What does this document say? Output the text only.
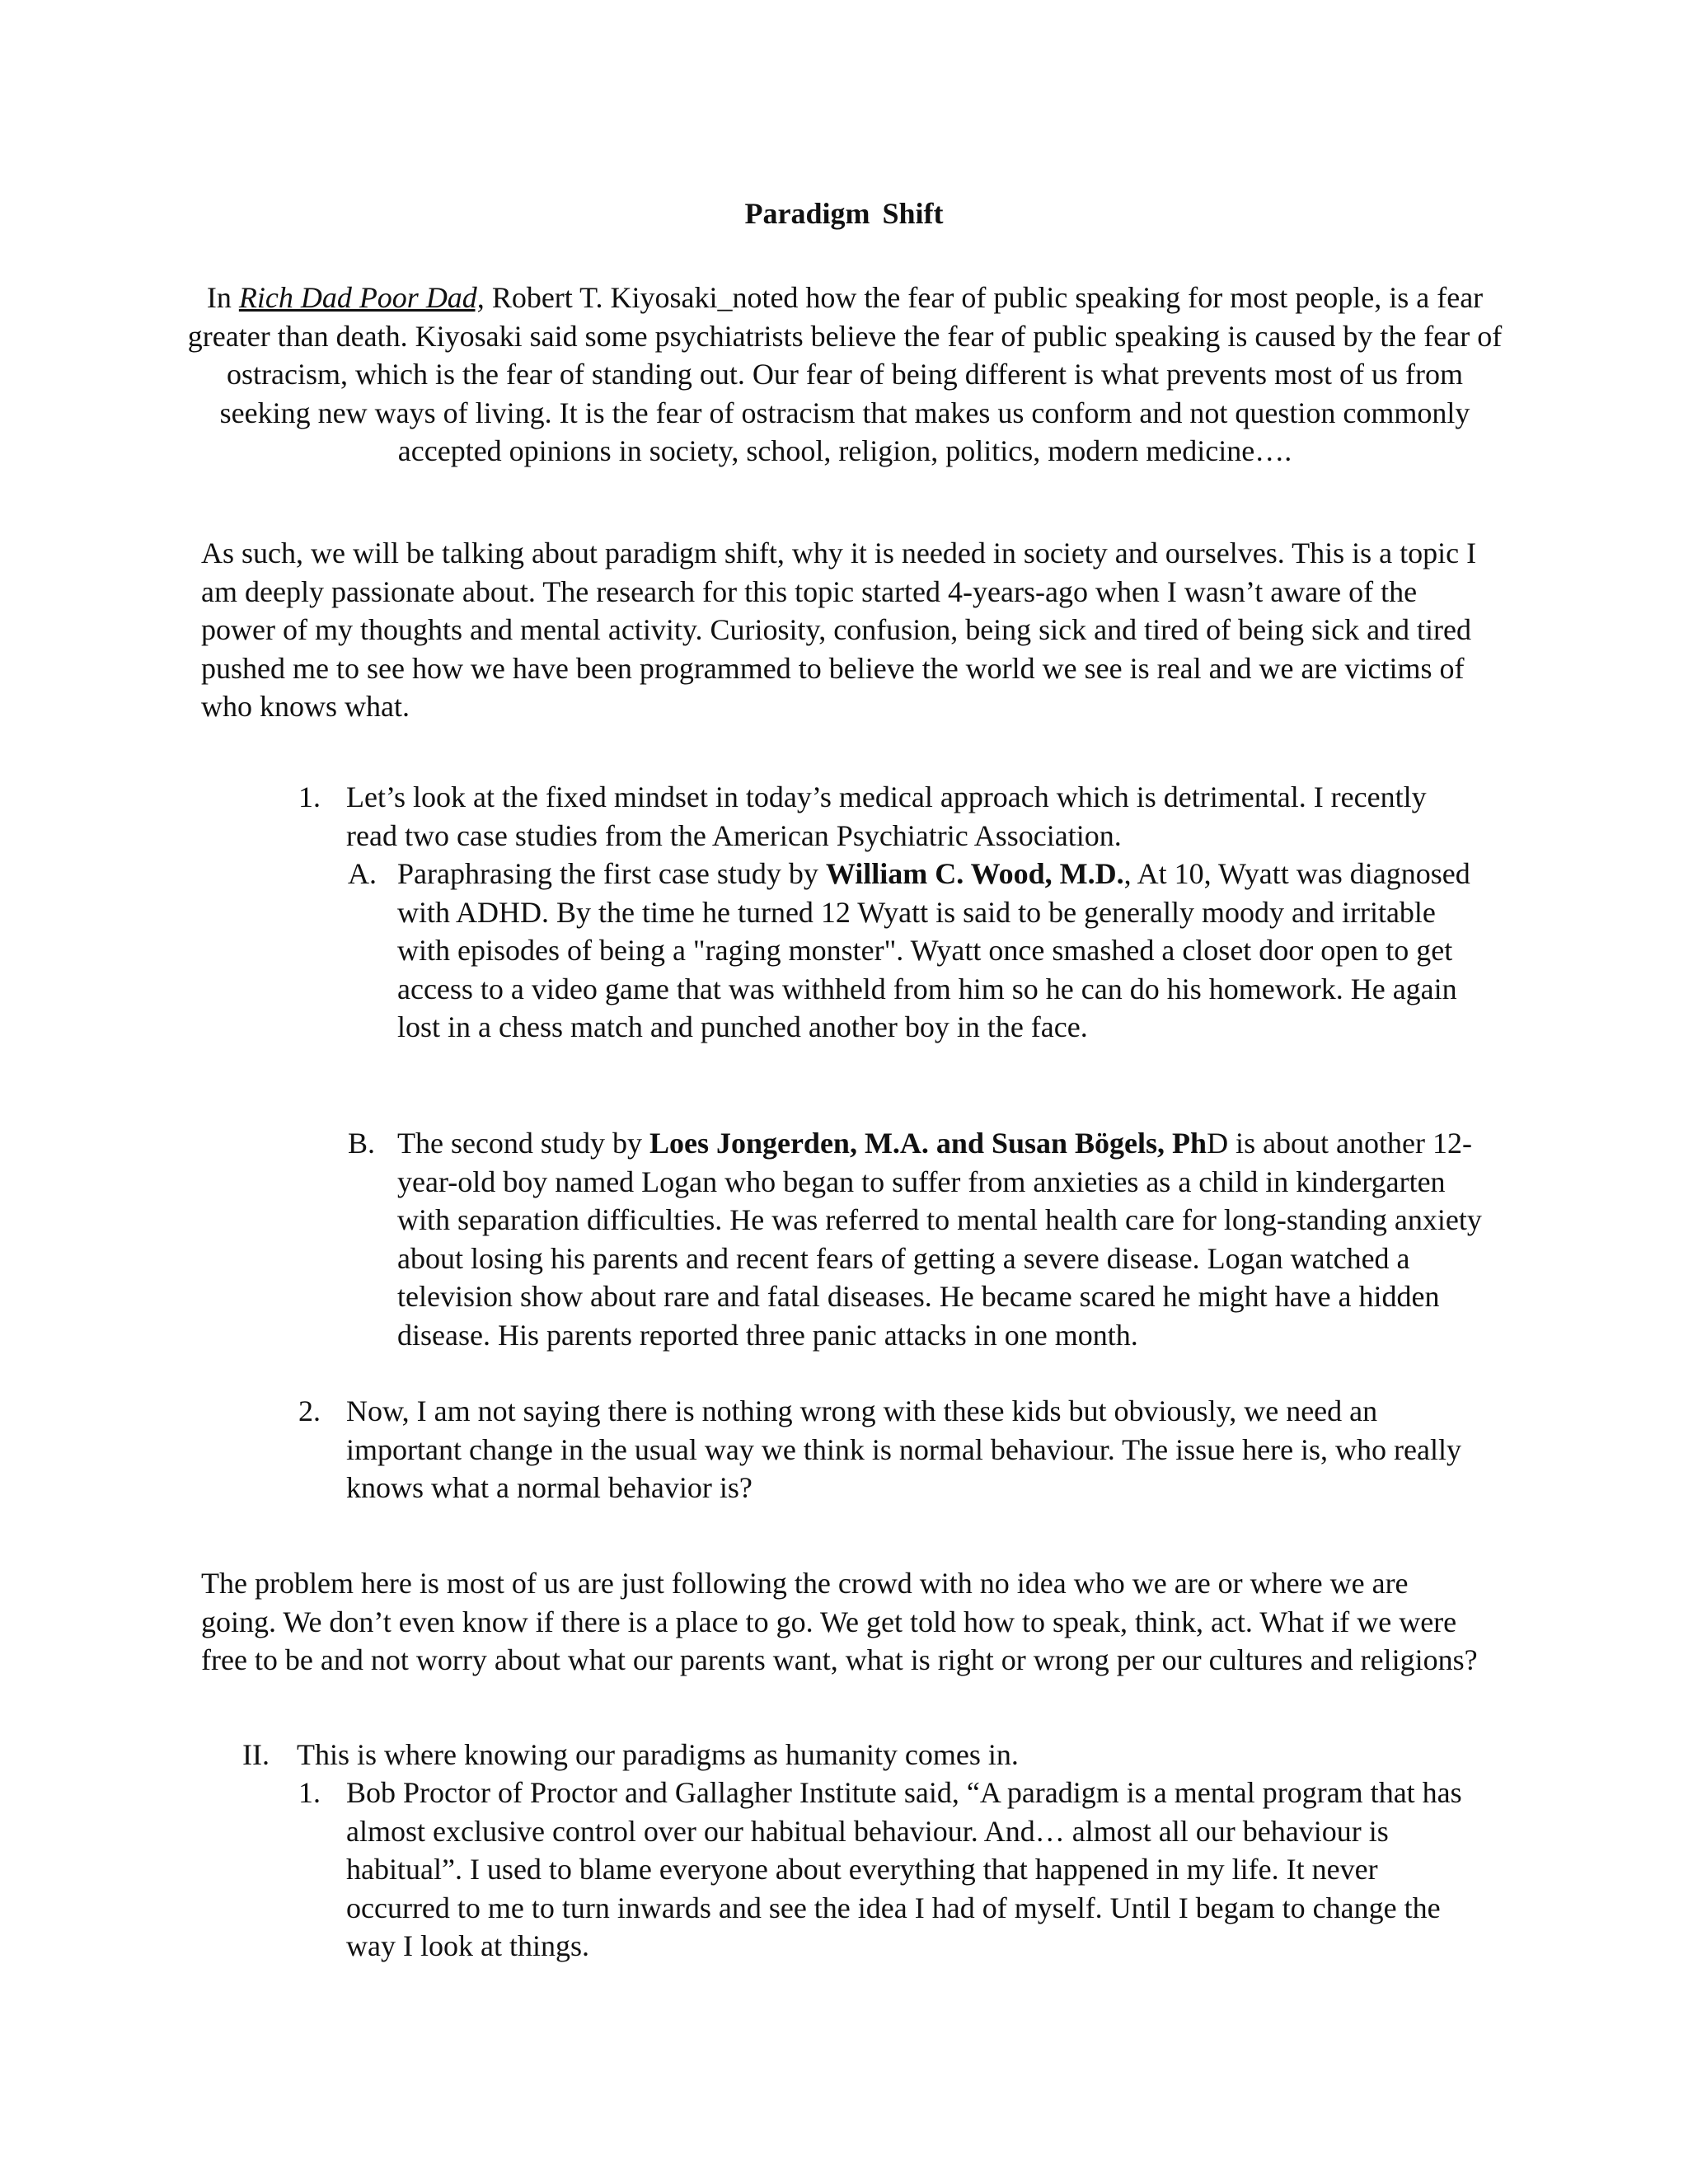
Paradigm Shift

In Rich Dad Poor Dad, Robert T. Kiyosaki_noted how the fear of public speaking for most people, is a fear greater than death. Kiyosaki said some psychiatrists believe the fear of public speaking is caused by the fear of ostracism, which is the fear of standing out. Our fear of being different is what prevents most of us from seeking new ways of living. It is the fear of ostracism that makes us conform and not question commonly accepted opinions in society, school, religion, politics, modern medicine….

As such, we will be talking about paradigm shift, why it is needed in society and ourselves. This is a topic I am deeply passionate about. The research for this topic started 4-years-ago when I wasn’t aware of the power of my thoughts and mental activity. Curiosity, confusion, being sick and tired of being sick and tired pushed me to see how we have been programmed to believe the world we see is real and we are victims of who knows what.

1. Let’s look at the fixed mindset in today’s medical approach which is detrimental. I recently read two case studies from the American Psychiatric Association.
A. Paraphrasing the first case study by William C. Wood, M.D., At 10, Wyatt was diagnosed with ADHD. By the time he turned 12 Wyatt is said to be generally moody and irritable with episodes of being a "raging monster". Wyatt once smashed a closet door open to get access to a video game that was withheld from him so he can do his homework. He again lost in a chess match and punched another boy in the face.
B. The second study by Loes Jongerden, M.A. and Susan Bögels, PhD is about another 12-year-old boy named Logan who began to suffer from anxieties as a child in kindergarten with separation difficulties. He was referred to mental health care for long-standing anxiety about losing his parents and recent fears of getting a severe disease. Logan watched a television show about rare and fatal diseases. He became scared he might have a hidden disease. His parents reported three panic attacks in one month.
2. Now, I am not saying there is nothing wrong with these kids but obviously, we need an important change in the usual way we think is normal behaviour. The issue here is, who really knows what a normal behavior is?

The problem here is most of us are just following the crowd with no idea who we are or where we are going. We don’t even know if there is a place to go. We get told how to speak, think, act. What if we were free to be and not worry about what our parents want, what is right or wrong per our cultures and religions?

II. This is where knowing our paradigms as humanity comes in.
1. Bob Proctor of Proctor and Gallagher Institute said, “A paradigm is a mental program that has almost exclusive control over our habitual behaviour. And… almost all our behaviour is habitual”. I used to blame everyone about everything that happened in my life. It never occurred to me to turn inwards and see the idea I had of myself. Until I begam to change the way I look at things.
